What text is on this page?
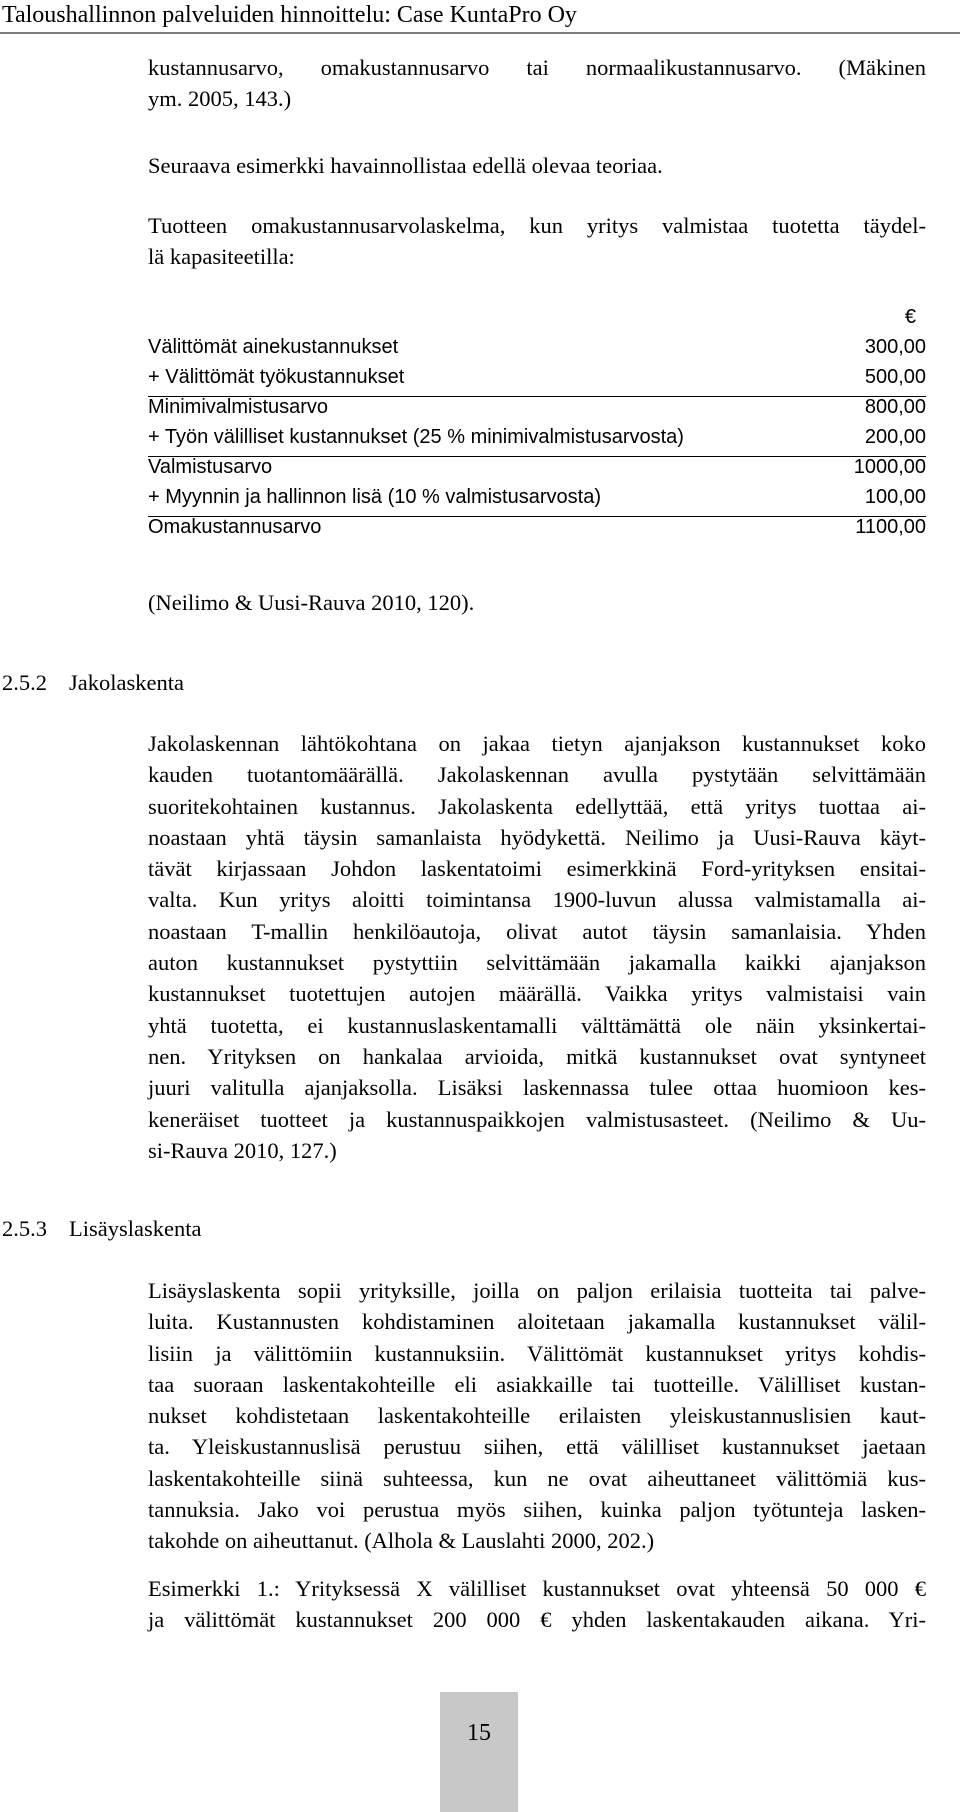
Taloushallinnon palveluiden hinnoittelu: Case KuntaPro Oy
kustannusarvo, omakustannusarvo tai normaalikustannusarvo. (Mäkinen
ym. 2005, 143.)
Seuraava esimerkki havainnollistaa edellä olevaa teoriaa.
Tuotteen omakustannusarvolaskelma, kun yritys valmistaa tuotetta täydel-
lä kapasiteetilla:
€
Välittömät ainekustannukset	300,00
+ Välittömät työkustannukset	500,00
Minimivalmistusarvo	800,00
+ Työn välilliset kustannukset (25 % minimivalmistusarvosta)	200,00
Valmistusarvo	1000,00
+ Myynnin ja hallinnon lisä (10 % valmistusarvosta)	100,00
Omakustannusarvo	1100,00
(Neilimo & Uusi-Rauva 2010, 120).
2.5.2 Jakolaskenta
Jakolaskennan lähtökohtana on jakaa tietyn ajanjakson kustannukset koko
kauden tuotantomäärällä. Jakolaskennan avulla pystytään selvittämään
suoritekohtainen kustannus. Jakolaskenta edellyttää, että yritys tuottaa ai-
noastaan yhtä täysin samanlaista hyödykettä. Neilimo ja Uusi-Rauva käyt-
tävät kirjassaan Johdon laskentatoimi esimerkkinä Ford-yrityksen ensitai-
valta. Kun yritys aloitti toimintansa 1900-luvun alussa valmistamalla ai-
noastaan T-mallin henkilöautoja, olivat autot täysin samanlaisia. Yhden
auton kustannukset pystyttiin selvittämään jakamalla kaikki ajanjakson
kustannukset tuotettujen autojen määrällä. Vaikka yritys valmistaisi vain
yhtä tuotetta, ei kustannuslaskentamalli välttämättä ole näin yksinkertai-
nen. Yrityksen on hankalaa arvioida, mitkä kustannukset ovat syntyneet
juuri valitulla ajanjaksolla. Lisäksi laskennassa tulee ottaa huomioon kes-
keneräiset tuotteet ja kustannuspaikkojen valmistusasteet. (Neilimo & Uu-
si-Rauva 2010, 127.)
2.5.3 Lisäyslaskenta
Lisäyslaskenta sopii yrityksille, joilla on paljon erilaisia tuotteita tai palve-
luita. Kustannusten kohdistaminen aloitetaan jakamalla kustannukset välil-
lisiin ja välittömiin kustannuksiin. Välittömät kustannukset yritys kohdis-
taa suoraan laskentakohteille eli asiakkaille tai tuotteille. Välilliset kustan-
nukset kohdistetaan laskentakohteille erilaisten yleiskustannuslisien kaut-
ta. Yleiskustannuslisä perustuu siihen, että välilliset kustannukset jaetaan
laskentakohteille siinä suhteessa, kun ne ovat aiheuttaneet välittömiä kus-
tannuksia. Jako voi perustua myös siihen, kuinka paljon työtunteja lasken-
takohde on aiheuttanut. (Alhola & Lauslahti 2000, 202.)
Esimerkki 1.: Yrityksessä X välilliset kustannukset ovat yhteensä 50 000 €
ja välittömät kustannukset 200 000 € yhden laskentakauden aikana. Yri-
15
